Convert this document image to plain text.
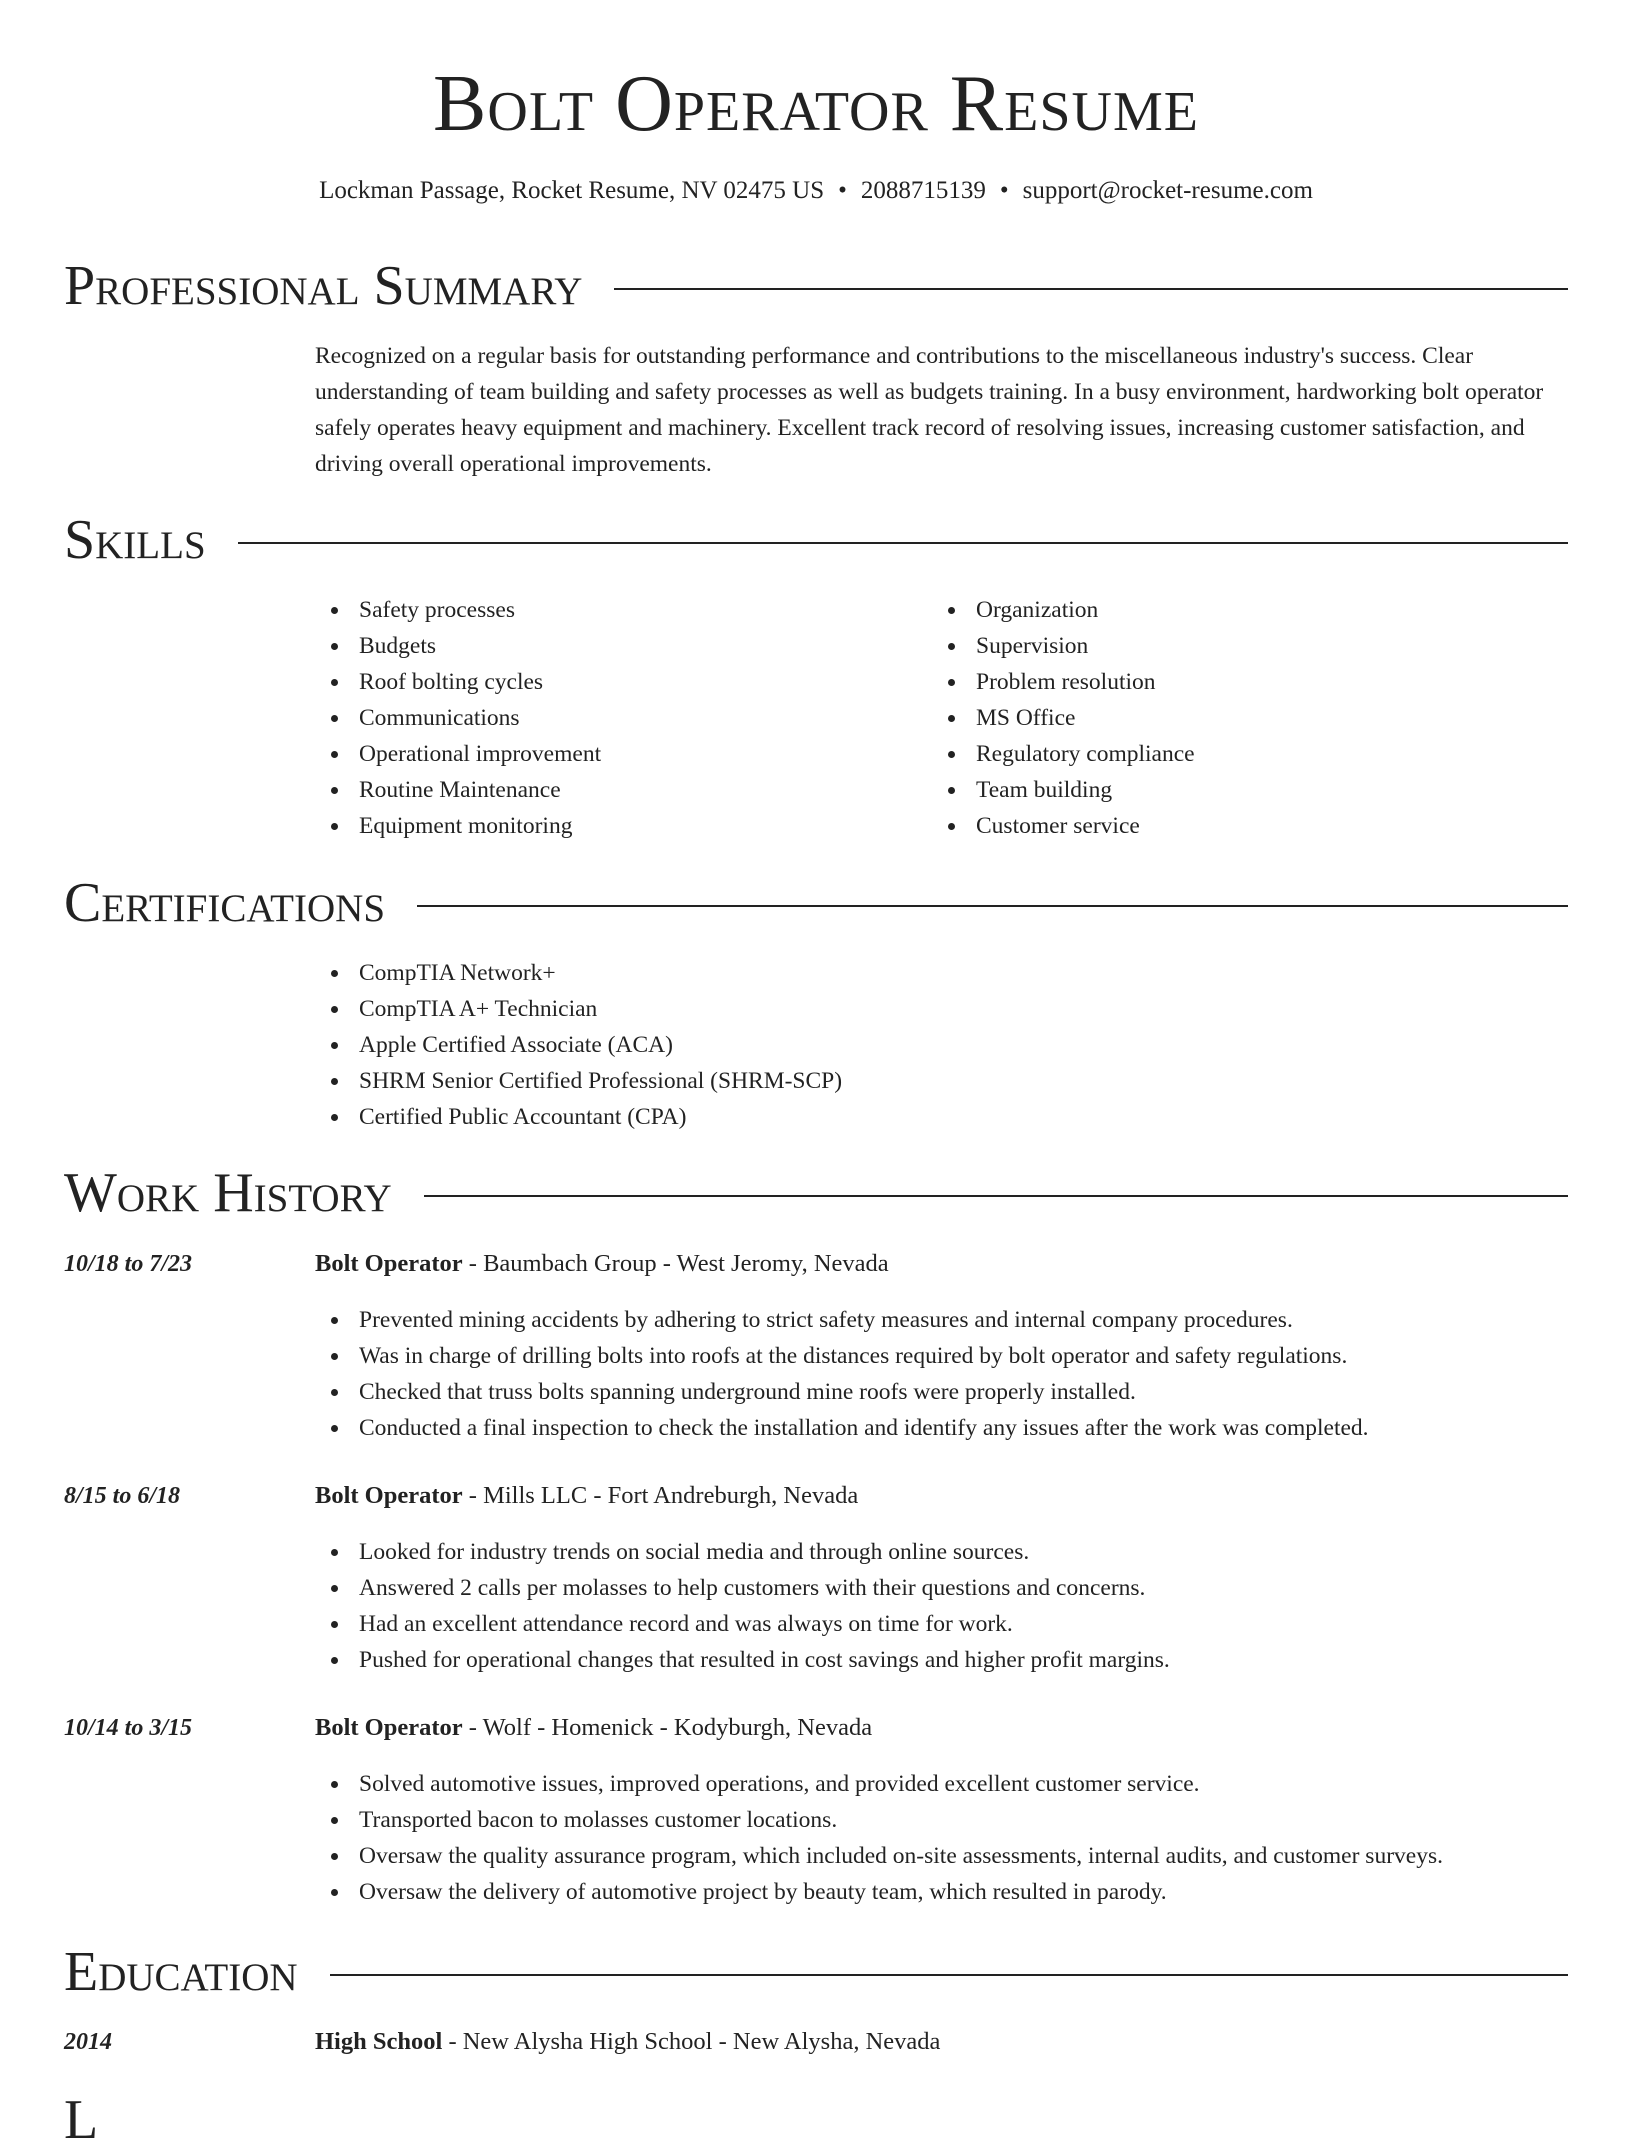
Bolt Operator Resume
Lockman Passage, Rocket Resume, NV 02475 US • 2088715139 • support@rocket-resume.com
Professional Summary
Recognized on a regular basis for outstanding performance and contributions to the miscellaneous industry's success. Clear understanding of team building and safety processes as well as budgets training. In a busy environment, hardworking bolt operator safely operates heavy equipment and machinery. Excellent track record of resolving issues, increasing customer satisfaction, and driving overall operational improvements.
Skills
Safety processes
Budgets
Roof bolting cycles
Communications
Operational improvement
Routine Maintenance
Equipment monitoring
Organization
Supervision
Problem resolution
MS Office
Regulatory compliance
Team building
Customer service
Certifications
CompTIA Network+
CompTIA A+ Technician
Apple Certified Associate (ACA)
SHRM Senior Certified Professional (SHRM-SCP)
Certified Public Accountant (CPA)
Work History
10/18 to 7/23	Bolt Operator - Baumbach Group - West Jeromy, Nevada
Prevented mining accidents by adhering to strict safety measures and internal company procedures.
Was in charge of drilling bolts into roofs at the distances required by bolt operator and safety regulations.
Checked that truss bolts spanning underground mine roofs were properly installed.
Conducted a final inspection to check the installation and identify any issues after the work was completed.
8/15 to 6/18	Bolt Operator - Mills LLC - Fort Andreburgh, Nevada
Looked for industry trends on social media and through online sources.
Answered 2 calls per molasses to help customers with their questions and concerns.
Had an excellent attendance record and was always on time for work.
Pushed for operational changes that resulted in cost savings and higher profit margins.
10/14 to 3/15	Bolt Operator - Wolf - Homenick - Kodyburgh, Nevada
Solved automotive issues, improved operations, and provided excellent customer service.
Transported bacon to molasses customer locations.
Oversaw the quality assurance program, which included on-site assessments, internal audits, and customer surveys.
Oversaw the delivery of automotive project by beauty team, which resulted in parody.
Education
2014	High School - New Alysha High School - New Alysha, Nevada
L
